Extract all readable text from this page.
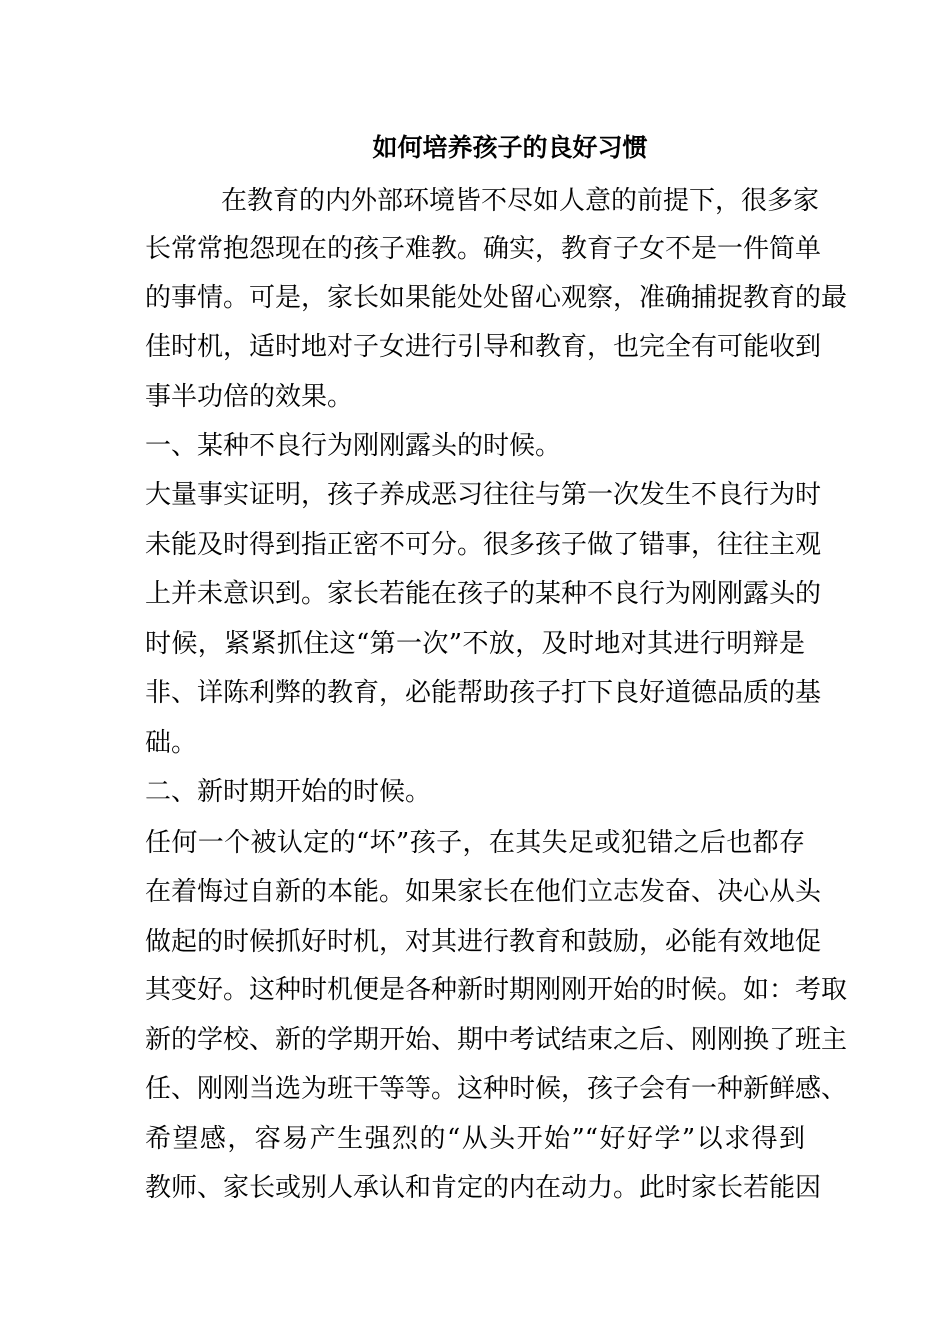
如何培养孩子的良好习惯
在教育的内外部环境皆不尽如人意的前提下，很多家
长常常抱怨现在的孩子难教。确实，教育子女不是一件简单
的事情。可是，家长如果能处处留心观察，准确捕捉教育的最
佳时机，适时地对子女进行引导和教育，也完全有可能收到
事半功倍的效果。
一、某种不良行为刚刚露头的时候。
大量事实证明，孩子养成恶习往往与第一次发生不良行为时
未能及时得到指正密不可分。很多孩子做了错事，往往主观
上并未意识到。家长若能在孩子的某种不良行为刚刚露头的
时候，紧紧抓住这“第一次”不放，及时地对其进行明辩是
非、详陈利弊的教育，必能帮助孩子打下良好道德品质的基
础。
二、新时期开始的时候。
任何一个被认定的“坏”孩子，在其失足或犯错之后也都存
在着悔过自新的本能。如果家长在他们立志发奋、决心从头
做起的时候抓好时机，对其进行教育和鼓励，必能有效地促
其变好。这种时机便是各种新时期刚刚开始的时候。如：考取
新的学校、新的学期开始、期中考试结束之后、刚刚换了班主
任、刚刚当选为班干等等。这种时候，孩子会有一种新鲜感、
希望感，容易产生强烈的“从头开始”“好好学”以求得到
教师、家长或别人承认和肯定的内在动力。此时家长若能因
